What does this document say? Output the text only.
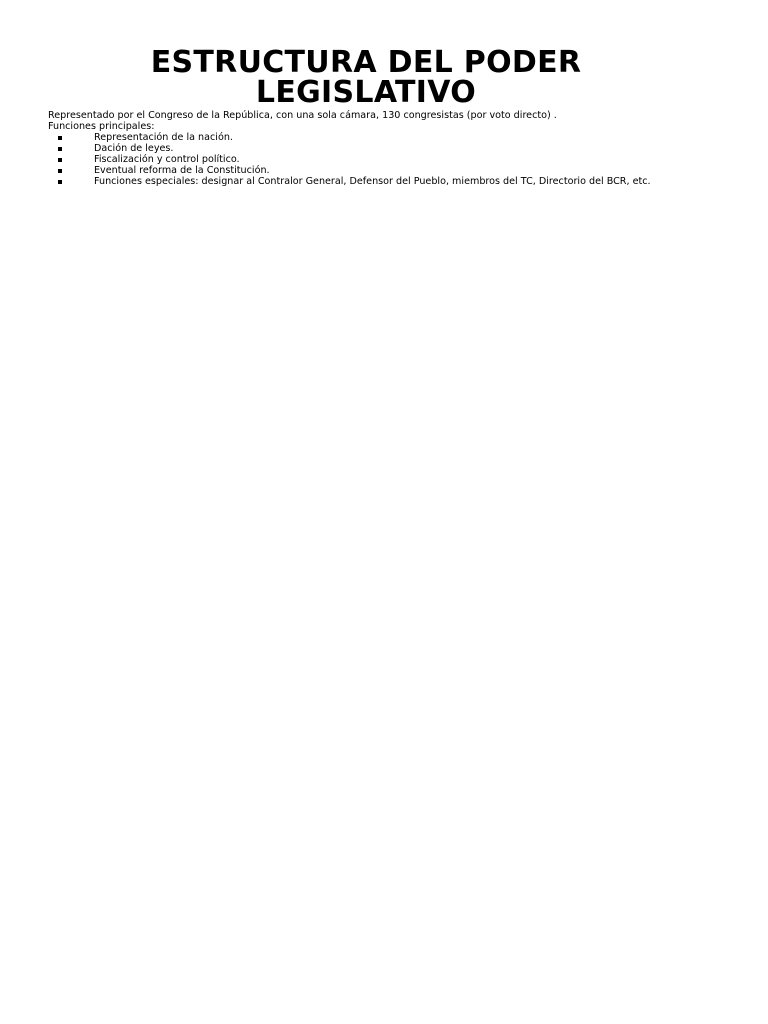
ESTRUCTURA DEL PODER
LEGISLATIVO

Representado por el Congreso de la República, con una sola cámara, 130 congresistas (por voto directo) .

Funciones principales:

Representación de la nación.
Dación de leyes.
Fiscalización y control político.
Eventual reforma de la Constitución.
Funciones especiales: designar al Contralor General, Defensor del Pueblo, miembros del TC, Directorio del BCR, etc.
